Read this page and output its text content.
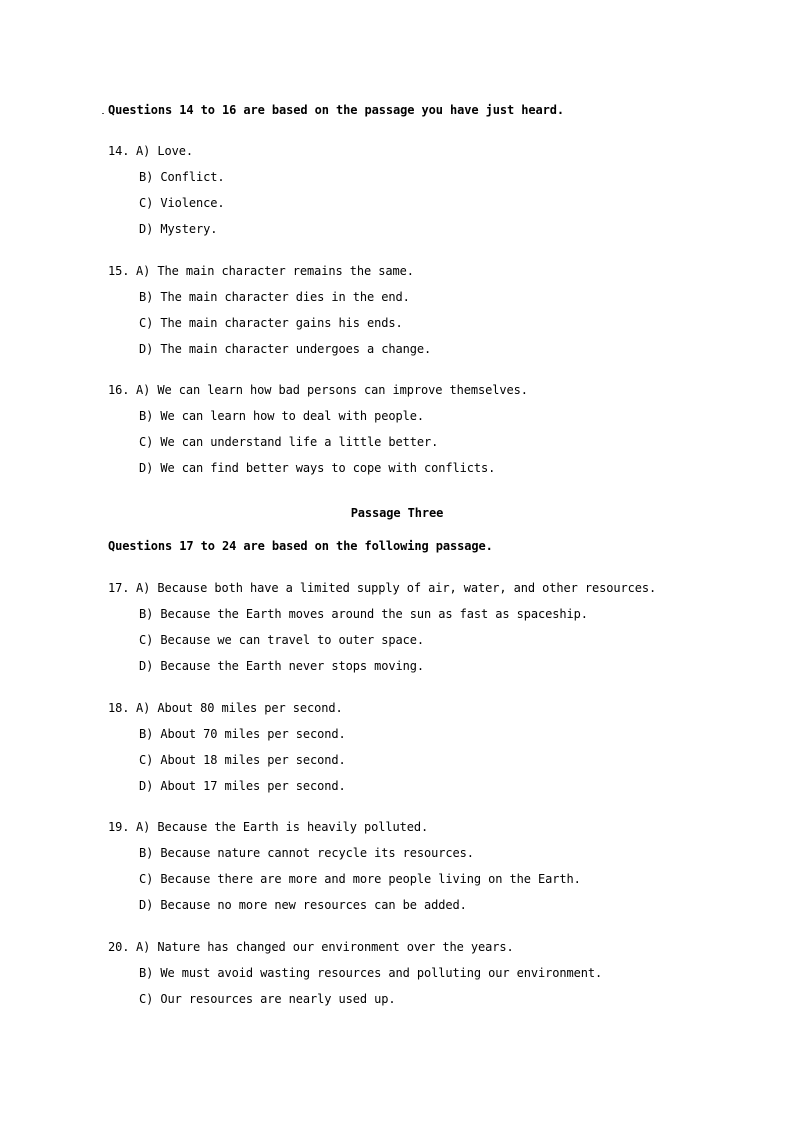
Questions 14 to 16 are based on the passage you have just heard.
14. A) Love.
B) Conflict.
C) Violence.
D) Mystery.
15. A) The main character remains the same.
B) The main character dies in the end.
C) The main character gains his ends.
D) The main character undergoes a change.
16. A) We can learn how bad persons can improve themselves.
B) We can learn how to deal with people.
C) We can understand life a little better.
D) We can find better ways to cope with conflicts.
Passage Three
Questions 17 to 24 are based on the following passage.
17. A) Because both have a limited supply of air, water, and other resources.
B) Because the Earth moves around the sun as fast as spaceship.
C) Because we can travel to outer space.
D) Because the Earth never stops moving.
18. A) About 80 miles per second.
B) About 70 miles per second.
C) About 18 miles per second.
D) About 17 miles per second.
19. A) Because the Earth is heavily polluted.
B) Because nature cannot recycle its resources.
C) Because there are more and more people living on the Earth.
D) Because no more new resources can be added.
20. A) Nature has changed our environment over the years.
B) We must avoid wasting resources and polluting our environment.
C) Our resources are nearly used up.
